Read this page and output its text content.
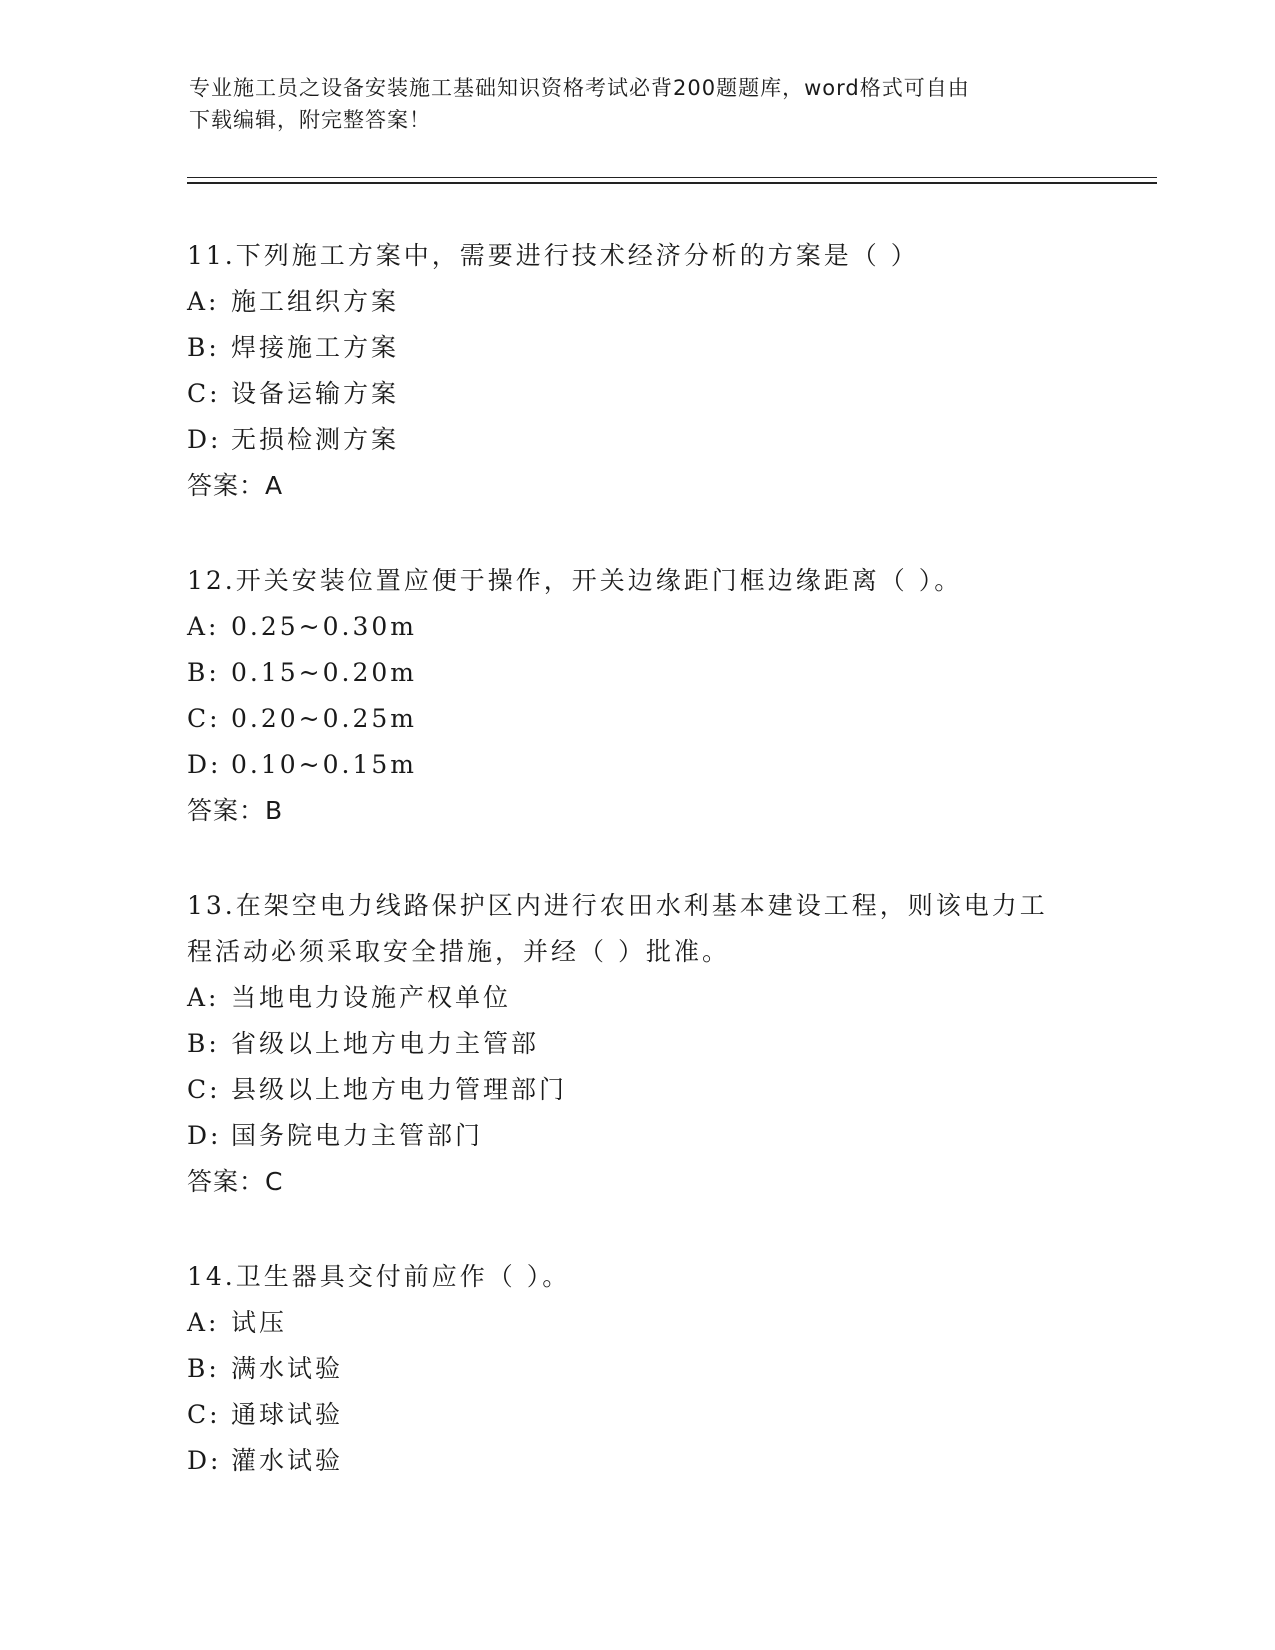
专业施工员之设备安装施工基础知识资格考试必背200题题库，word格式可自由
下载编辑，附完整答案！
11.下列施工方案中，需要进行技术经济分析的方案是（ ）
A: 施工组织方案
B: 焊接施工方案
C: 设备运输方案
D: 无损检测方案
答案：A
12.开关安装位置应便于操作，开关边缘距门框边缘距离（ ）。
A: 0.25~0.30m
B: 0.15~0.20m
C: 0.20~0.25m
D: 0.10~0.15m
答案：B
13.在架空电力线路保护区内进行农田水利基本建设工程，则该电力工
程活动必须采取安全措施，并经（ ）批准。
A: 当地电力设施产权单位
B: 省级以上地方电力主管部
C: 县级以上地方电力管理部门
D: 国务院电力主管部门
答案：C
14.卫生器具交付前应作（ ）。
A: 试压
B: 满水试验
C: 通球试验
D: 灌水试验
